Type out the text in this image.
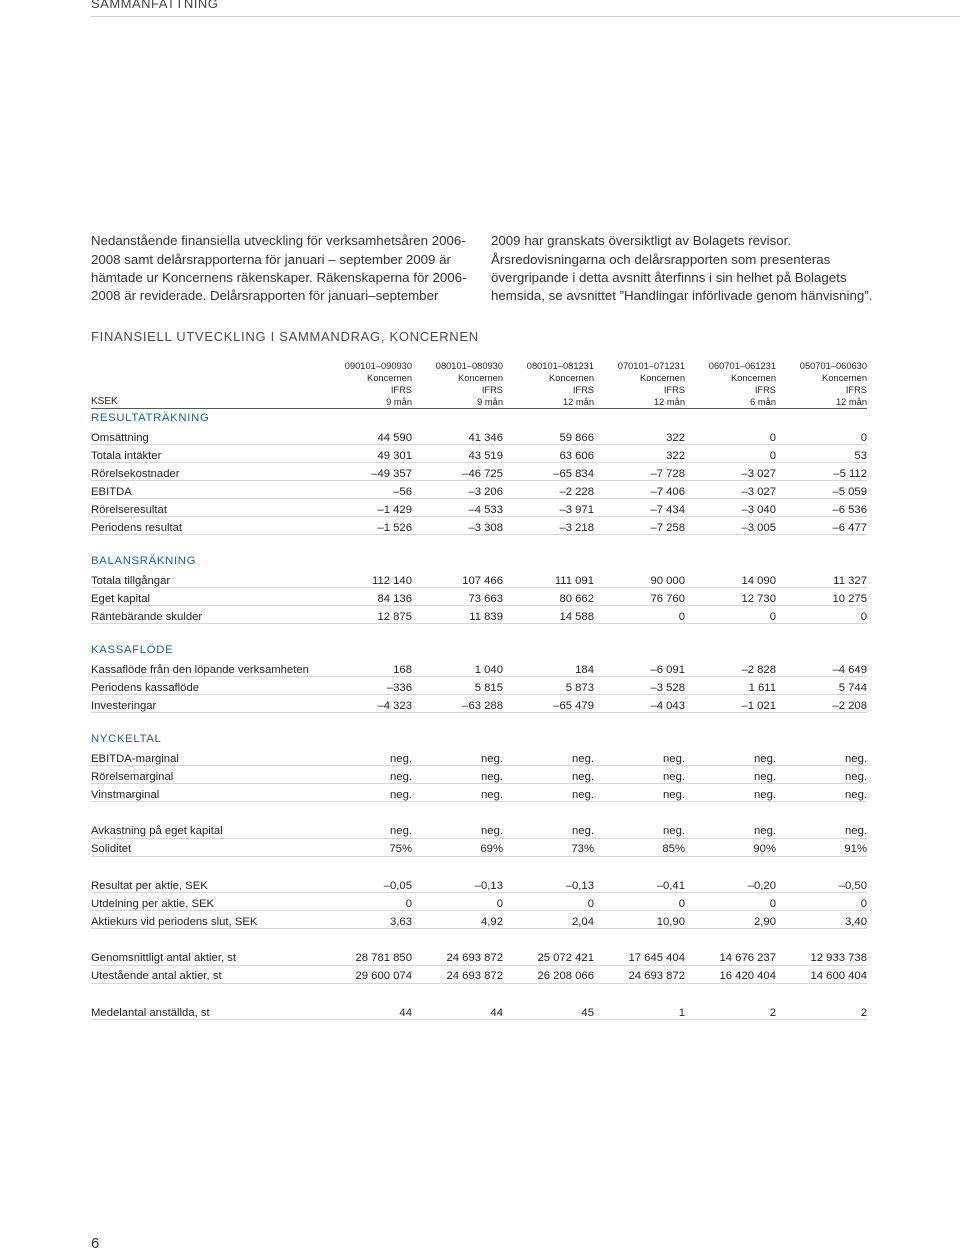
SAMMANFATTNING

Nedanstående finansiella utveckling för verksamhetsåren 2006-2008 samt delårsrapporterna för januari – september 2009 är hämtade ur Koncernens räkenskaper. Räkenskaperna för 2006-2008 är reviderade. Delårsrapporten för januari–september

2009 har granskats översiktligt av Bolagets revisor. Årsredovisningarna och delårsrapporten som presenteras övergripande i detta avsnitt återfinns i sin helhet på Bolagets hemsida, se avsnittet ”Handlingar införlivade genom hänvisning”.

FINANSIELL UTVECKLING I SAMMANDRAG, KONCERNEN
	090101–090930	080101–080930	080101–081231	070101–071231	060701–061231	050701–060630
	Koncernen	Koncernen	Koncernen	Koncernen	Koncernen	Koncernen
	IFRS	IFRS	IFRS	IFRS	IFRS	IFRS
KSEK	9 mån	9 mån	12 mån	12 mån	6 mån	12 mån
RESULTATRÄKNING						
Omsättning	44 590	41 346	59 866	322	0	0
Totala intäkter	49 301	43 519	63 606	322	0	53
Rörelsekostnader	–49 357	–46 725	–65 834	–7 728	–3 027	–5 112
EBITDA	–56	–3 206	–2 228	–7 406	–3 027	–5 059
Rörelseresultat	–1 429	–4 533	–3 971	–7 434	–3 040	–6 536
Periodens resultat	–1 526	–3 308	–3 218	–7 258	–3 005	–6 477
BALANSRÄKNING						
Totala tillgångar	112 140	107 466	111 091	90 000	14 090	11 327
Eget kapital	84 136	73 663	80 662	76 760	12 730	10 275
Räntebärande skulder	12 875	11 839	14 588	0	0	0
KASSAFLÖDE						
Kassaflöde från den löpande verksamheten	168	1 040	184	–6 091	–2 828	–4 649
Periodens kassaflöde	–336	5 815	5 873	–3 528	1 611	5 744
Investeringar	–4 323	–63 288	–65 479	–4 043	–1 021	–2 208
NYCKELTAL						
EBITDA-marginal	neg.	neg.	neg.	neg.	neg.	neg.
Rörelsemarginal	neg.	neg.	neg.	neg.	neg.	neg.
Vinstmarginal	neg.	neg.	neg.	neg.	neg.	neg.

Avkastning på eget kapital	neg.	neg.	neg.	neg.	neg.	neg.
Soliditet	75%	69%	73%	85%	90%	91%

Resultat per aktie, SEK	–0,05	–0,13	–0,13	–0,41	–0,20	–0,50
Utdelning per aktie, SEK	0	0	0	0	0	0
Aktiekurs vid periodens slut, SEK	3,63	4,92	2,04	10,90	2,90	3,40

Genomsnittligt antal aktier, st	28 781 850	24 693 872	25 072 421	17 645 404	14 676 237	12 933 738
Utestående antal aktier, st	29 600 074	24 693 872	26 208 066	24 693 872	16 420 404	14 600 404

Medelantal anställda, st	44	44	45	1	2	2
6
